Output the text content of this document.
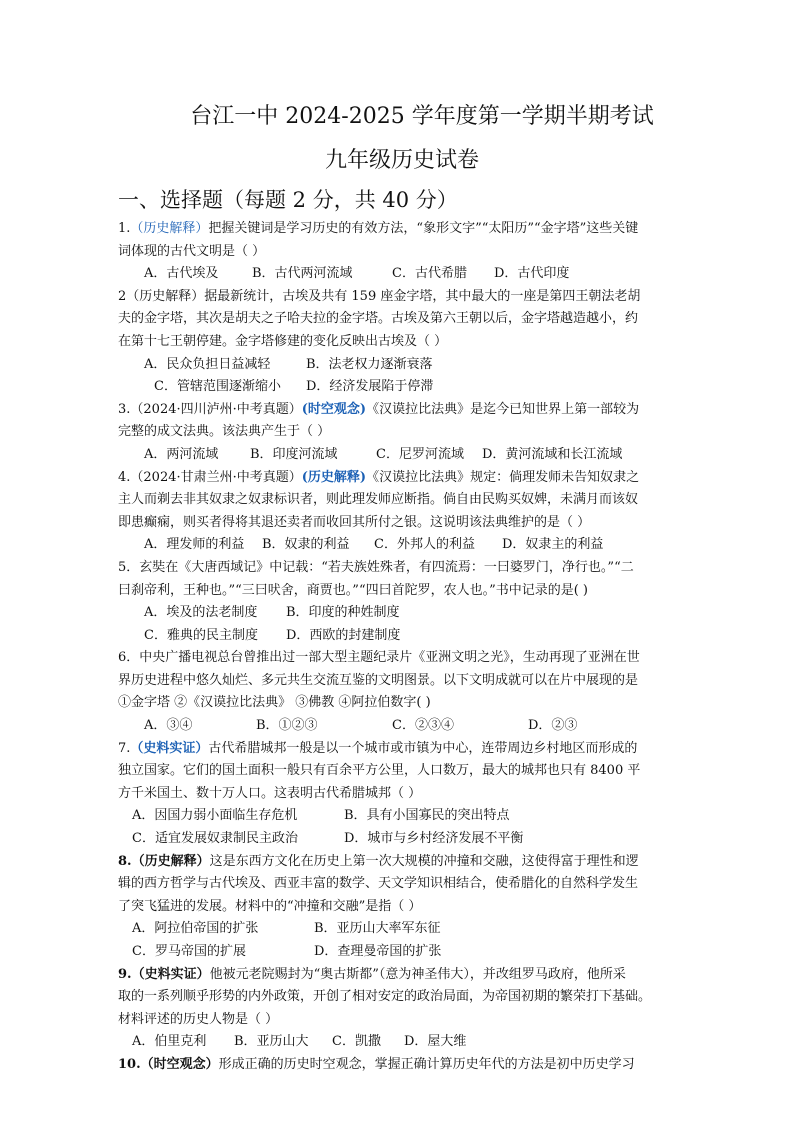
台江一中 2024-2025 学年度第一学期半期考试
九年级历史试卷
一、选择题（每题 2 分，共 40 分）
1.（历史解释）把握关键词是学习历史的有效方法，“象形文字”“太阳历”“金字塔”这些关键
词体现的古代文明是（ ）
A．古代埃及	B．古代两河流域	C．古代希腊 D．古代印度
2（历史解释）据最新统计，古埃及共有 159 座金字塔，其中最大的一座是第四王朝法老胡
夫的金字塔，其次是胡夫之子哈夫拉的金字塔。古埃及第六王朝以后，金字塔越造越小，约
在第十七王朝停建。金字塔修建的变化反映出古埃及（ ）
A．民众负担日益减轻	B．法老权力逐渐衰落
C．管辖范围逐渐缩小 D．经济发展陷于停滞
3.（2024·四川泸州·中考真题）(时空观念)《汉谟拉比法典》是迄今已知世界上第一部较为
完整的成文法典。该法典产生于（ ）
A．两河流域 B．印度河流域	C．尼罗河流域 D．黄河流域和长江流域
4.（2024·甘肃兰州·中考真题）(历史解释)《汉谟拉比法典》规定：倘理发师未告知奴隶之
主人而剃去非其奴隶之奴隶标识者，则此理发师应断指。倘自由民购买奴婢，未满月而该奴
即患癫痫，则买者得将其退还卖者而收回其所付之银。这说明该法典维护的是（ ）
A．理发师的利益 B．奴隶的利益 C．外邦人的利益 D．奴隶主的利益
5．玄奘在《大唐西域记》中记载：“若夫族姓殊者，有四流焉：一曰婆罗门，净行也。”“二
曰刹帝利，王种也。”“三曰吠舍，商贾也。”“四曰首陀罗，农人也。”书中记录的是( )
A．埃及的法老制度 B．印度的种姓制度
C．雅典的民主制度 D．西欧的封建制度
6．中央广播电视总台曾推出过一部大型主题纪录片《亚洲文明之光》，生动再现了亚洲在世
界历史进程中悠久灿烂、多元共生交流互鉴的文明图景。以下文明成就可以在片中展现的是
①金字塔 ②《汉谟拉比法典》 ③佛教 ④阿拉伯数字( )
A．③④	B．①②③	C．②③④	D．②③
7.（史料实证）古代希腊城邦一般是以一个城市或市镇为中心，连带周边乡村地区而形成的
独立国家。它们的国土面积一般只有百余平方公里，人口数万，最大的城邦也只有 8400 平
方千米国土、数十万人口。这表明古代希腊城邦（ ）
A．因国力弱小面临生存危机	B．具有小国寡民的突出特点
C．适宜发展奴隶制民主政治	D．城市与乡村经济发展不平衡
8.（历史解释）这是东西方文化在历史上第一次大规模的冲撞和交融，这使得富于理性和逻
辑的西方哲学与古代埃及、西亚丰富的数学、天文学知识相结合，使希腊化的自然科学发生
了突飞猛进的发展。材料中的“冲撞和交融”是指（ ）
A．阿拉伯帝国的扩张	B．亚历山大率军东征
C．罗马帝国的扩展	D．查理曼帝国的扩张
9.（史料实证）他被元老院赐封为“奥古斯都”（意为神圣伟大），并改组罗马政府，他所采
取的一系列顺乎形势的内外政策，开创了相对安定的政治局面，为帝国初期的繁荣打下基础。
材料评述的历史人物是（ ）
A．伯里克利 B．亚历山大 C．凯撒 D．屋大维
10.（时空观念）形成正确的历史时空观念，掌握正确计算历史年代的方法是初中历史学习
